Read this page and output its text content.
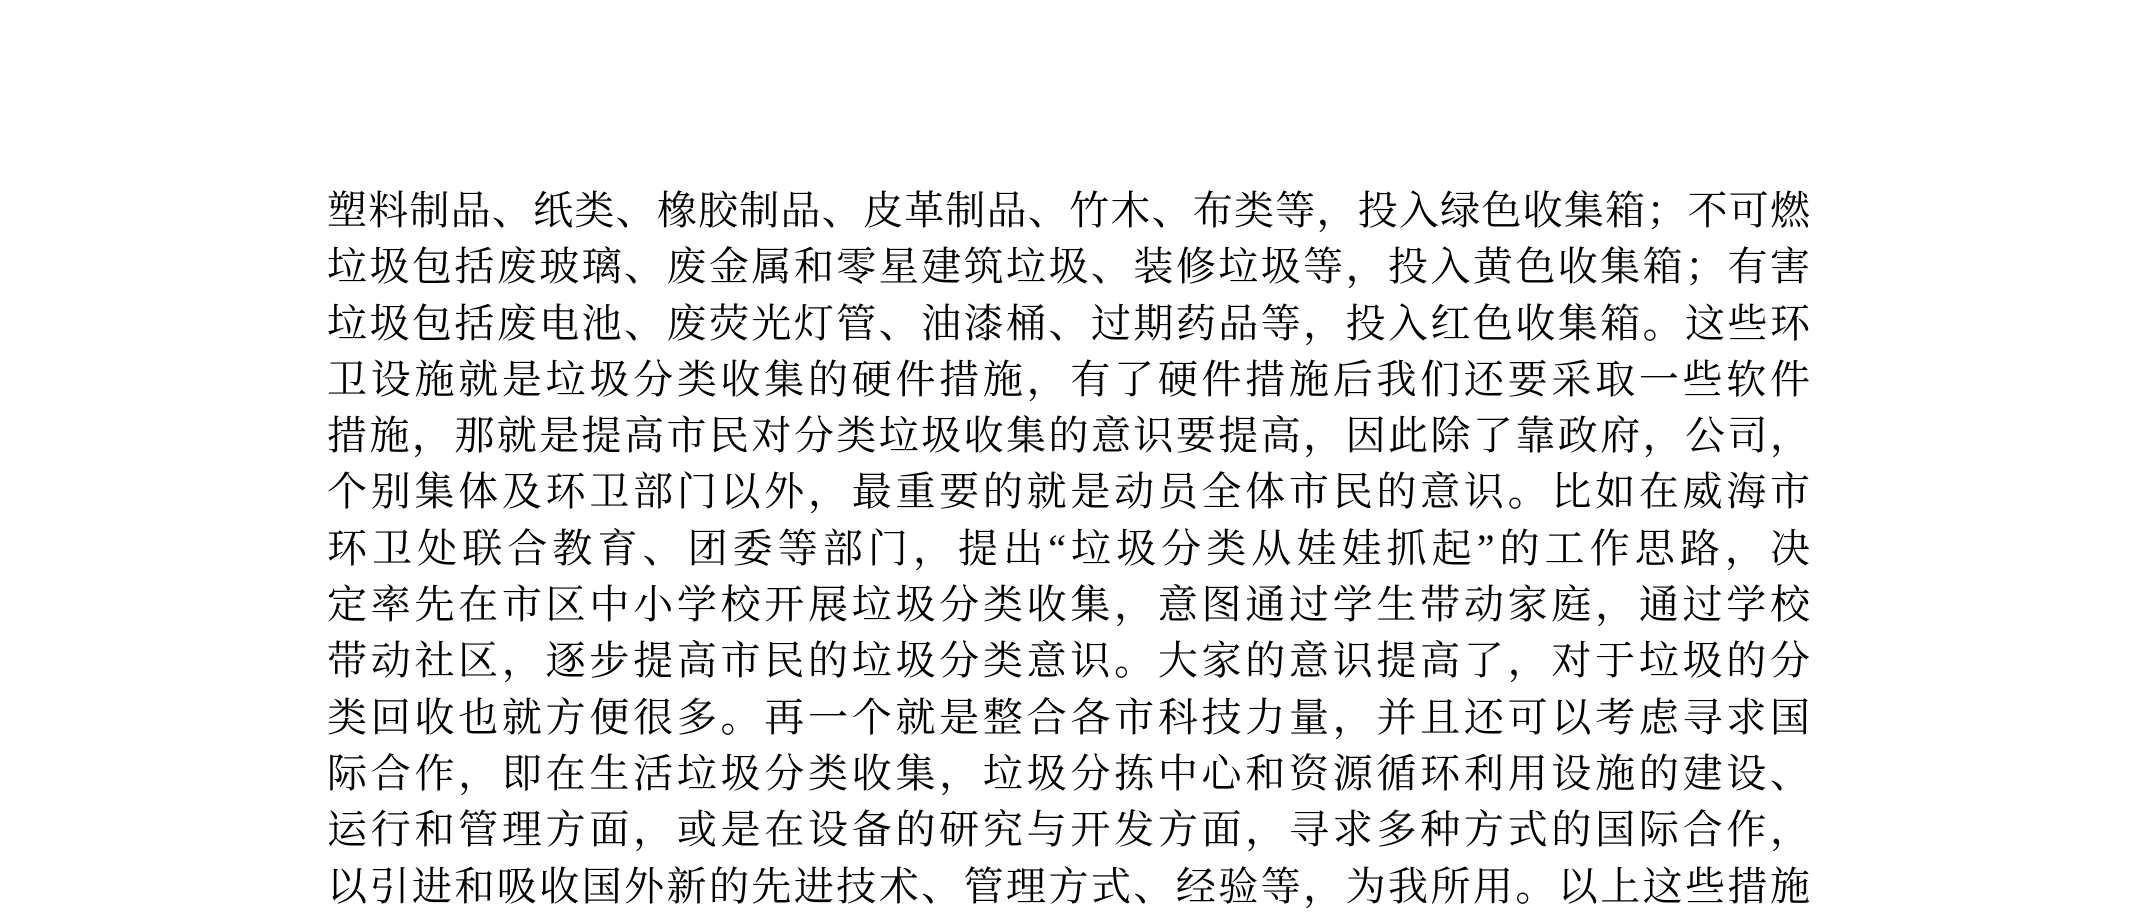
塑料制品、纸类、橡胶制品、皮革制品、竹木、布类等，投入绿色收集箱；不可燃
垃圾包括废玻璃、废金属和零星建筑垃圾、装修垃圾等，投入黄色收集箱；有害
垃圾包括废电池、废荧光灯管、油漆桶、过期药品等，投入红色收集箱。这些环
卫设施就是垃圾分类收集的硬件措施，有了硬件措施后我们还要采取一些软件
措施，那就是提高市民对分类垃圾收集的意识要提高，因此除了靠政府，公司，
个别集体及环卫部门以外，最重要的就是动员全体市民的意识。比如在威海市
环卫处联合教育、团委等部门，提出“垃圾分类从娃娃抓起”的工作思路，决
定率先在市区中小学校开展垃圾分类收集，意图通过学生带动家庭，通过学校
带动社区，逐步提高市民的垃圾分类意识。大家的意识提高了，对于垃圾的分
类回收也就方便很多。再一个就是整合各市科技力量，并且还可以考虑寻求国
际合作，即在生活垃圾分类收集，垃圾分拣中心和资源循环利用设施的建设、
运行和管理方面，或是在设备的研究与开发方面，寻求多种方式的国际合作，
以引进和吸收国外新的先进技术、管理方式、经验等，为我所用。以上这些措施
